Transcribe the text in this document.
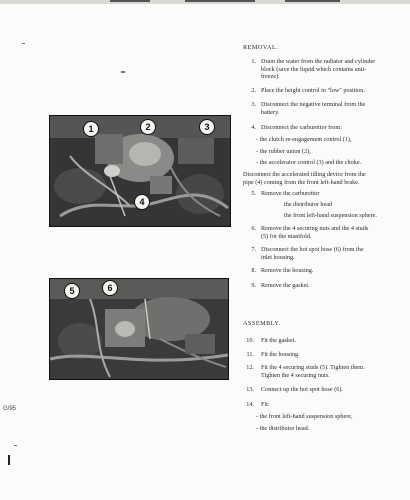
1	2	3
4
5	6
G/95
REMOVAL.
1. Drain the water from the radiator and cylinder
block (save the liquid which contains anti-
freeze).
2. Place the height control in "low" position.
3. Disconnect the negative terminal from the
battery.
4. Disconnect the carburettor from:
- the clutch re-engagement control (1),
- the rubber union (2),
- the accelerator control (3) and the choke.
Disconnect the accelerated idling device from the
pipe (4) coming from the front left-hand brake.
5. Remove the carburettor
the distributor head
the front left-hand suspension sphere.
6. Remove the 4 securing nuts and the 4 studs
(5) for the manifold.
7. Disconnect the hot spot hose (6) from the
inlet housing.
8. Remove the housing.
9. Remove the gasket.
ASSEMBLY.
10. Fit the gasket.
11. Fit the housing.
12. Fit the 4 securing studs (5). Tighten them.
Tighten the 4 securing nuts.
13. Connect up the hot spot hose (6).
14. Fit:
- the front left-hand suspension sphere,
- the distributor head.
